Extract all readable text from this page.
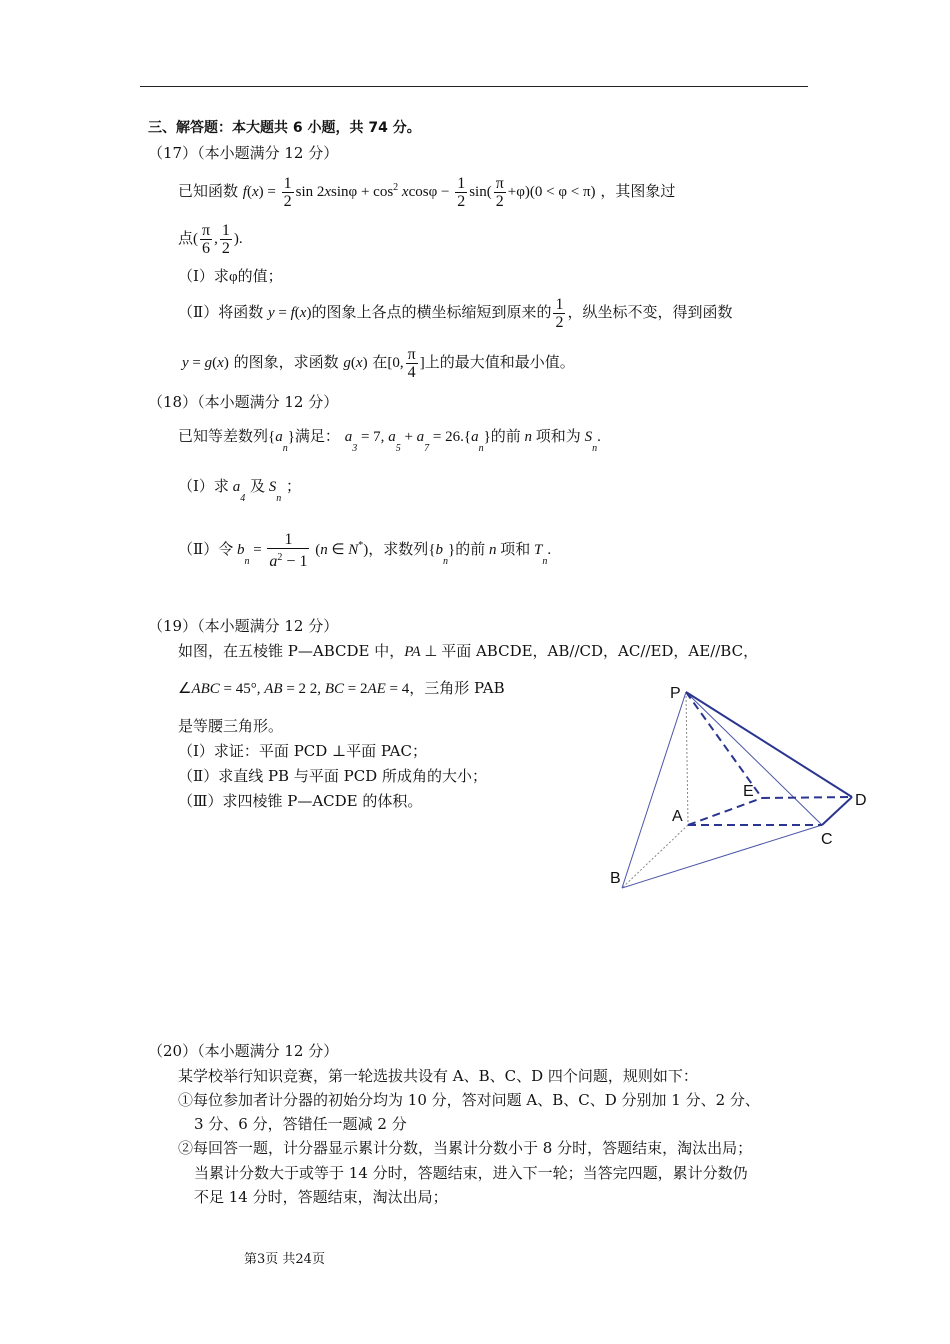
三、解答题：本大题共 6 小题，共 74 分。
（17）（本小题满分 12 分）
已知函数 $f(x) = \frac{1}{2}$ $\sin 2xsin\varphi + \cos^2 xcos\varphi - \frac{1}{2} \sin( \frac{\pi}{2} +\varphi)(0 < \varphi < \pi)$ ，其图象过
点( $\frac{\pi}{6}$ , $\frac{1}{2}$ ).
（Ⅰ）求φ的值；
（Ⅱ）将函数 y = f(x)的图象上各点的横坐标缩短到原来的 $\frac{1}{2}$ ，纵坐标不变，得到函数
y = g(x) 的图象，求函数 g(x) 在[0, $\frac{\pi}{4}$ ]上的最大值和最小值。
（18）（本小题满分 12 分）
已知等差数列$\{a_n\}$满足： $a_3 = 7$, $a_5 + a_7 = 26.\{a_n\}$的前 n 项和为 $S_n$.
（Ⅰ）求 $a_4$ 及 $S_n$ ；
（Ⅱ）令 $b_n = \frac{1}{a^2 - 1} (n$ ∈ N*)，求数列$\{b_n\}$的前 n 项和 $T_n$.
（19）（本小题满分 12 分）
如图，在五棱锥 P—ABCDE 中，PA ⊥ 平面 ABCDE，AB//CD，AC//ED，AE//BC，
∠ABC = 45°, AB = 2 2, BC = 2AE = 4，三角形 PAB
是等腰三角形。
（Ⅰ）求证：平面 PCD ⊥平面 PAC；
（Ⅱ）求直线 PB 与平面 PCD 所成角的大小；
（Ⅲ）求四棱锥 P—ACDE 的体积。
P
E
D
A
C
B
（20）（本小题满分 12 分）
某学校举行知识竞赛，第一轮选拔共设有 A、B、C、D 四个问题，规则如下：
①每位参加者计分器的初始分均为 10 分，答对问题 A、B、C、D 分别加 1 分、2 分、
3 分、6 分，答错任一题减 2 分
②每回答一题，计分器显示累计分数，当累计分数小于 8 分时，答题结束，淘汰出局；
当累计分数大于或等于 14 分时，答题结束，进入下一轮；当答完四题，累计分数仍
不足 14 分时，答题结束，淘汰出局；
第3页 共24页
